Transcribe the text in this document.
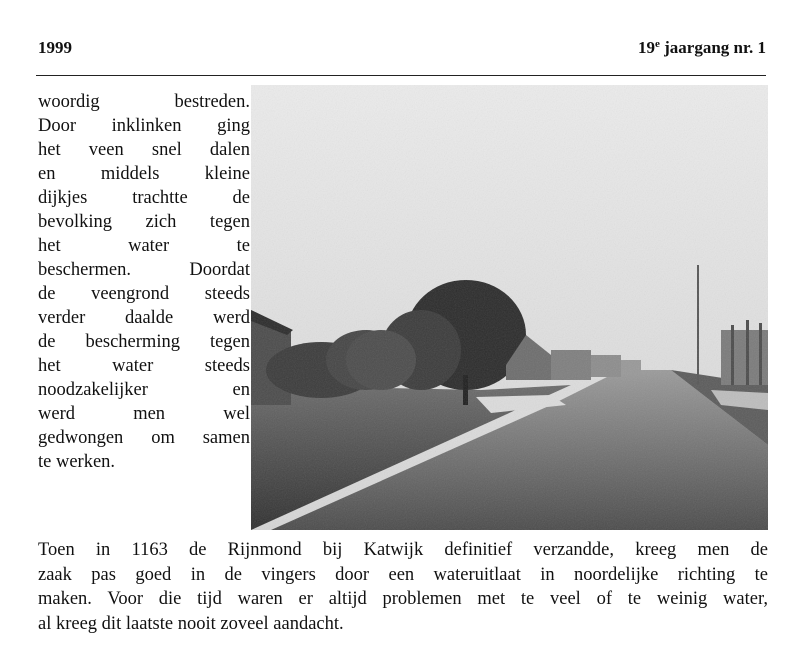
1999	19e jaargang nr. 1
woordig bestreden.
Door inklinken ging
het veen snel dalen
en middels kleine
dijkjes trachtte de
bevolking zich tegen
het water te
beschermen. Doordat
de veengrond steeds
verder daalde werd
de bescherming tegen
het water steeds
noodzakelijker en
werd men wel
gedwongen om samen
te werken.
Toen in 1163 de Rijnmond bij Katwijk definitief verzandde, kreeg men de
zaak pas goed in de vingers door een wateruitlaat in noordelijke richting te
maken. Voor die tijd waren er altijd problemen met te veel of te weinig water,
al kreeg dit laatste nooit zoveel aandacht.
